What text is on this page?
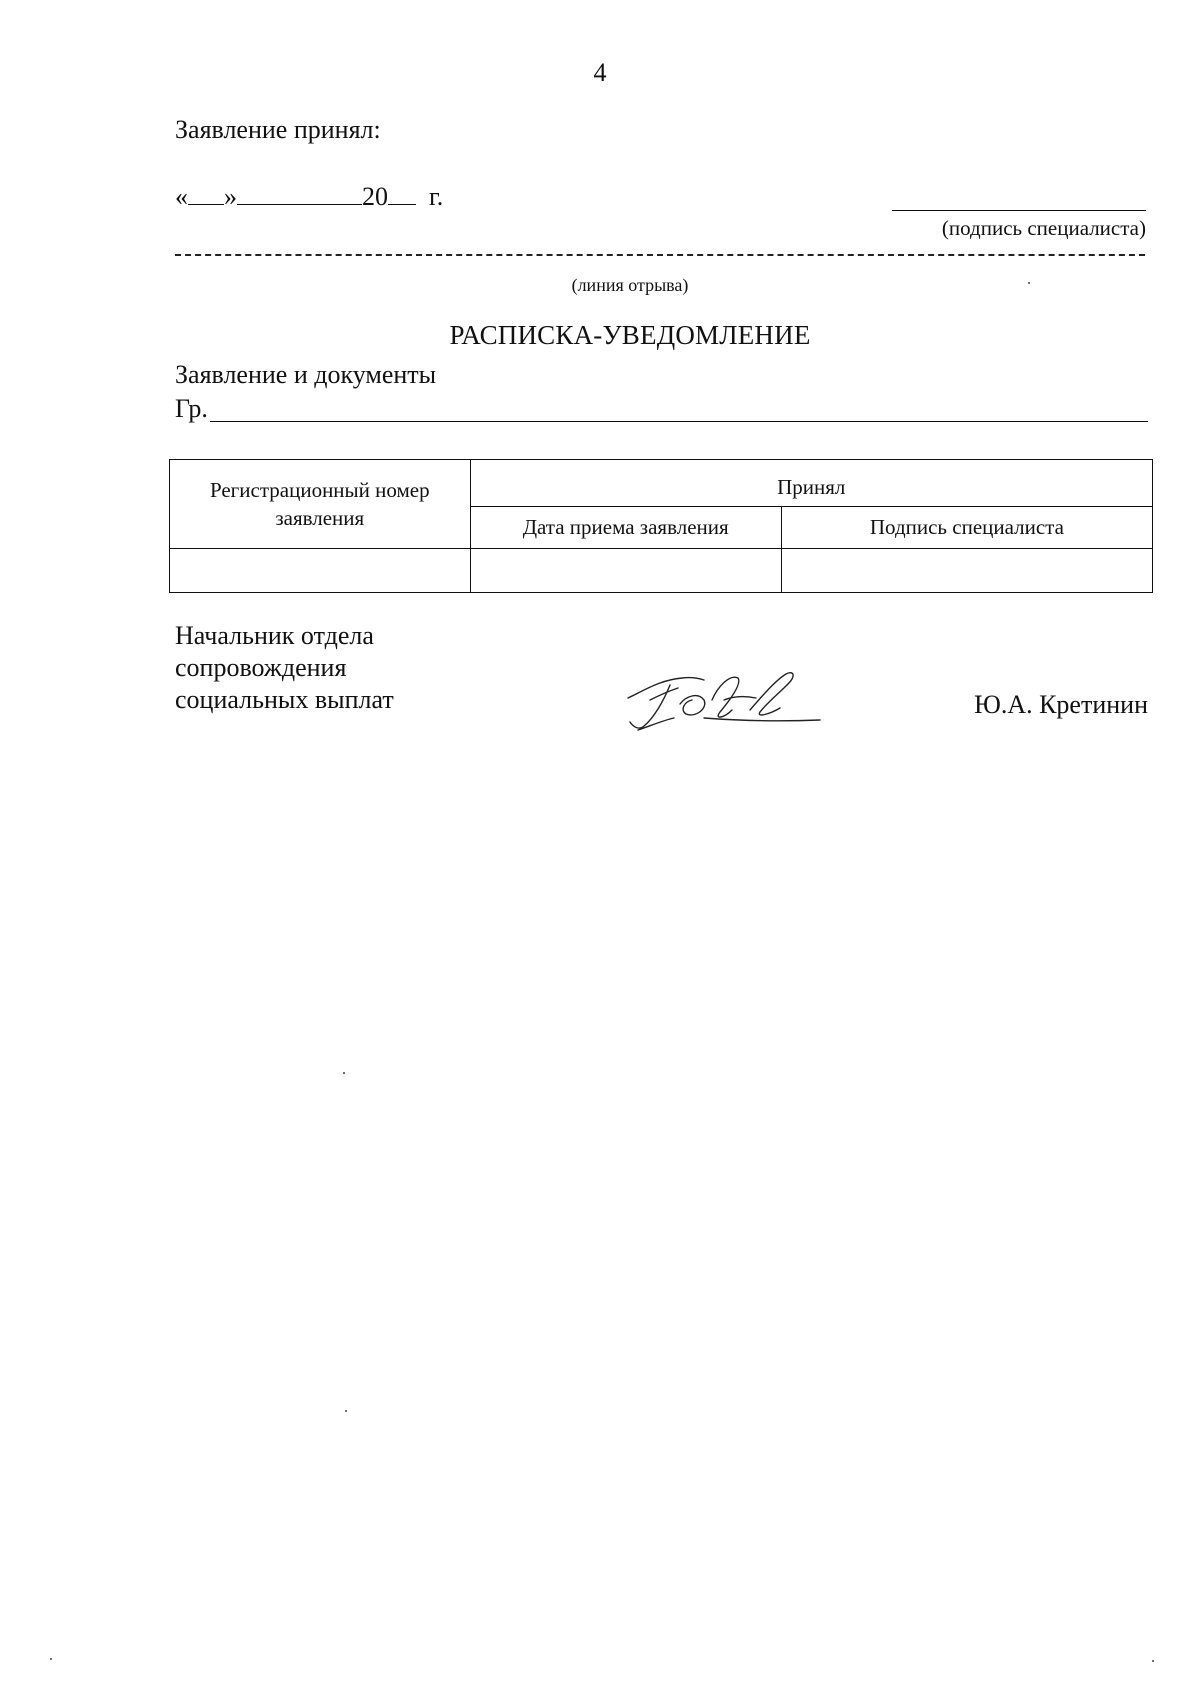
4
Заявление принял:
« »	20 г.
(подпись специалиста)
(линия отрыва)
РАСПИСКА-УВЕДОМЛЕНИЕ
Заявление и документы
Гр.
Регистрационный номер
заявления	Принял	

	Дата приема заявления	Подпись специалиста

Начальник отдела
сопровождения
социальных выплат	Ю.А. Кретинин
